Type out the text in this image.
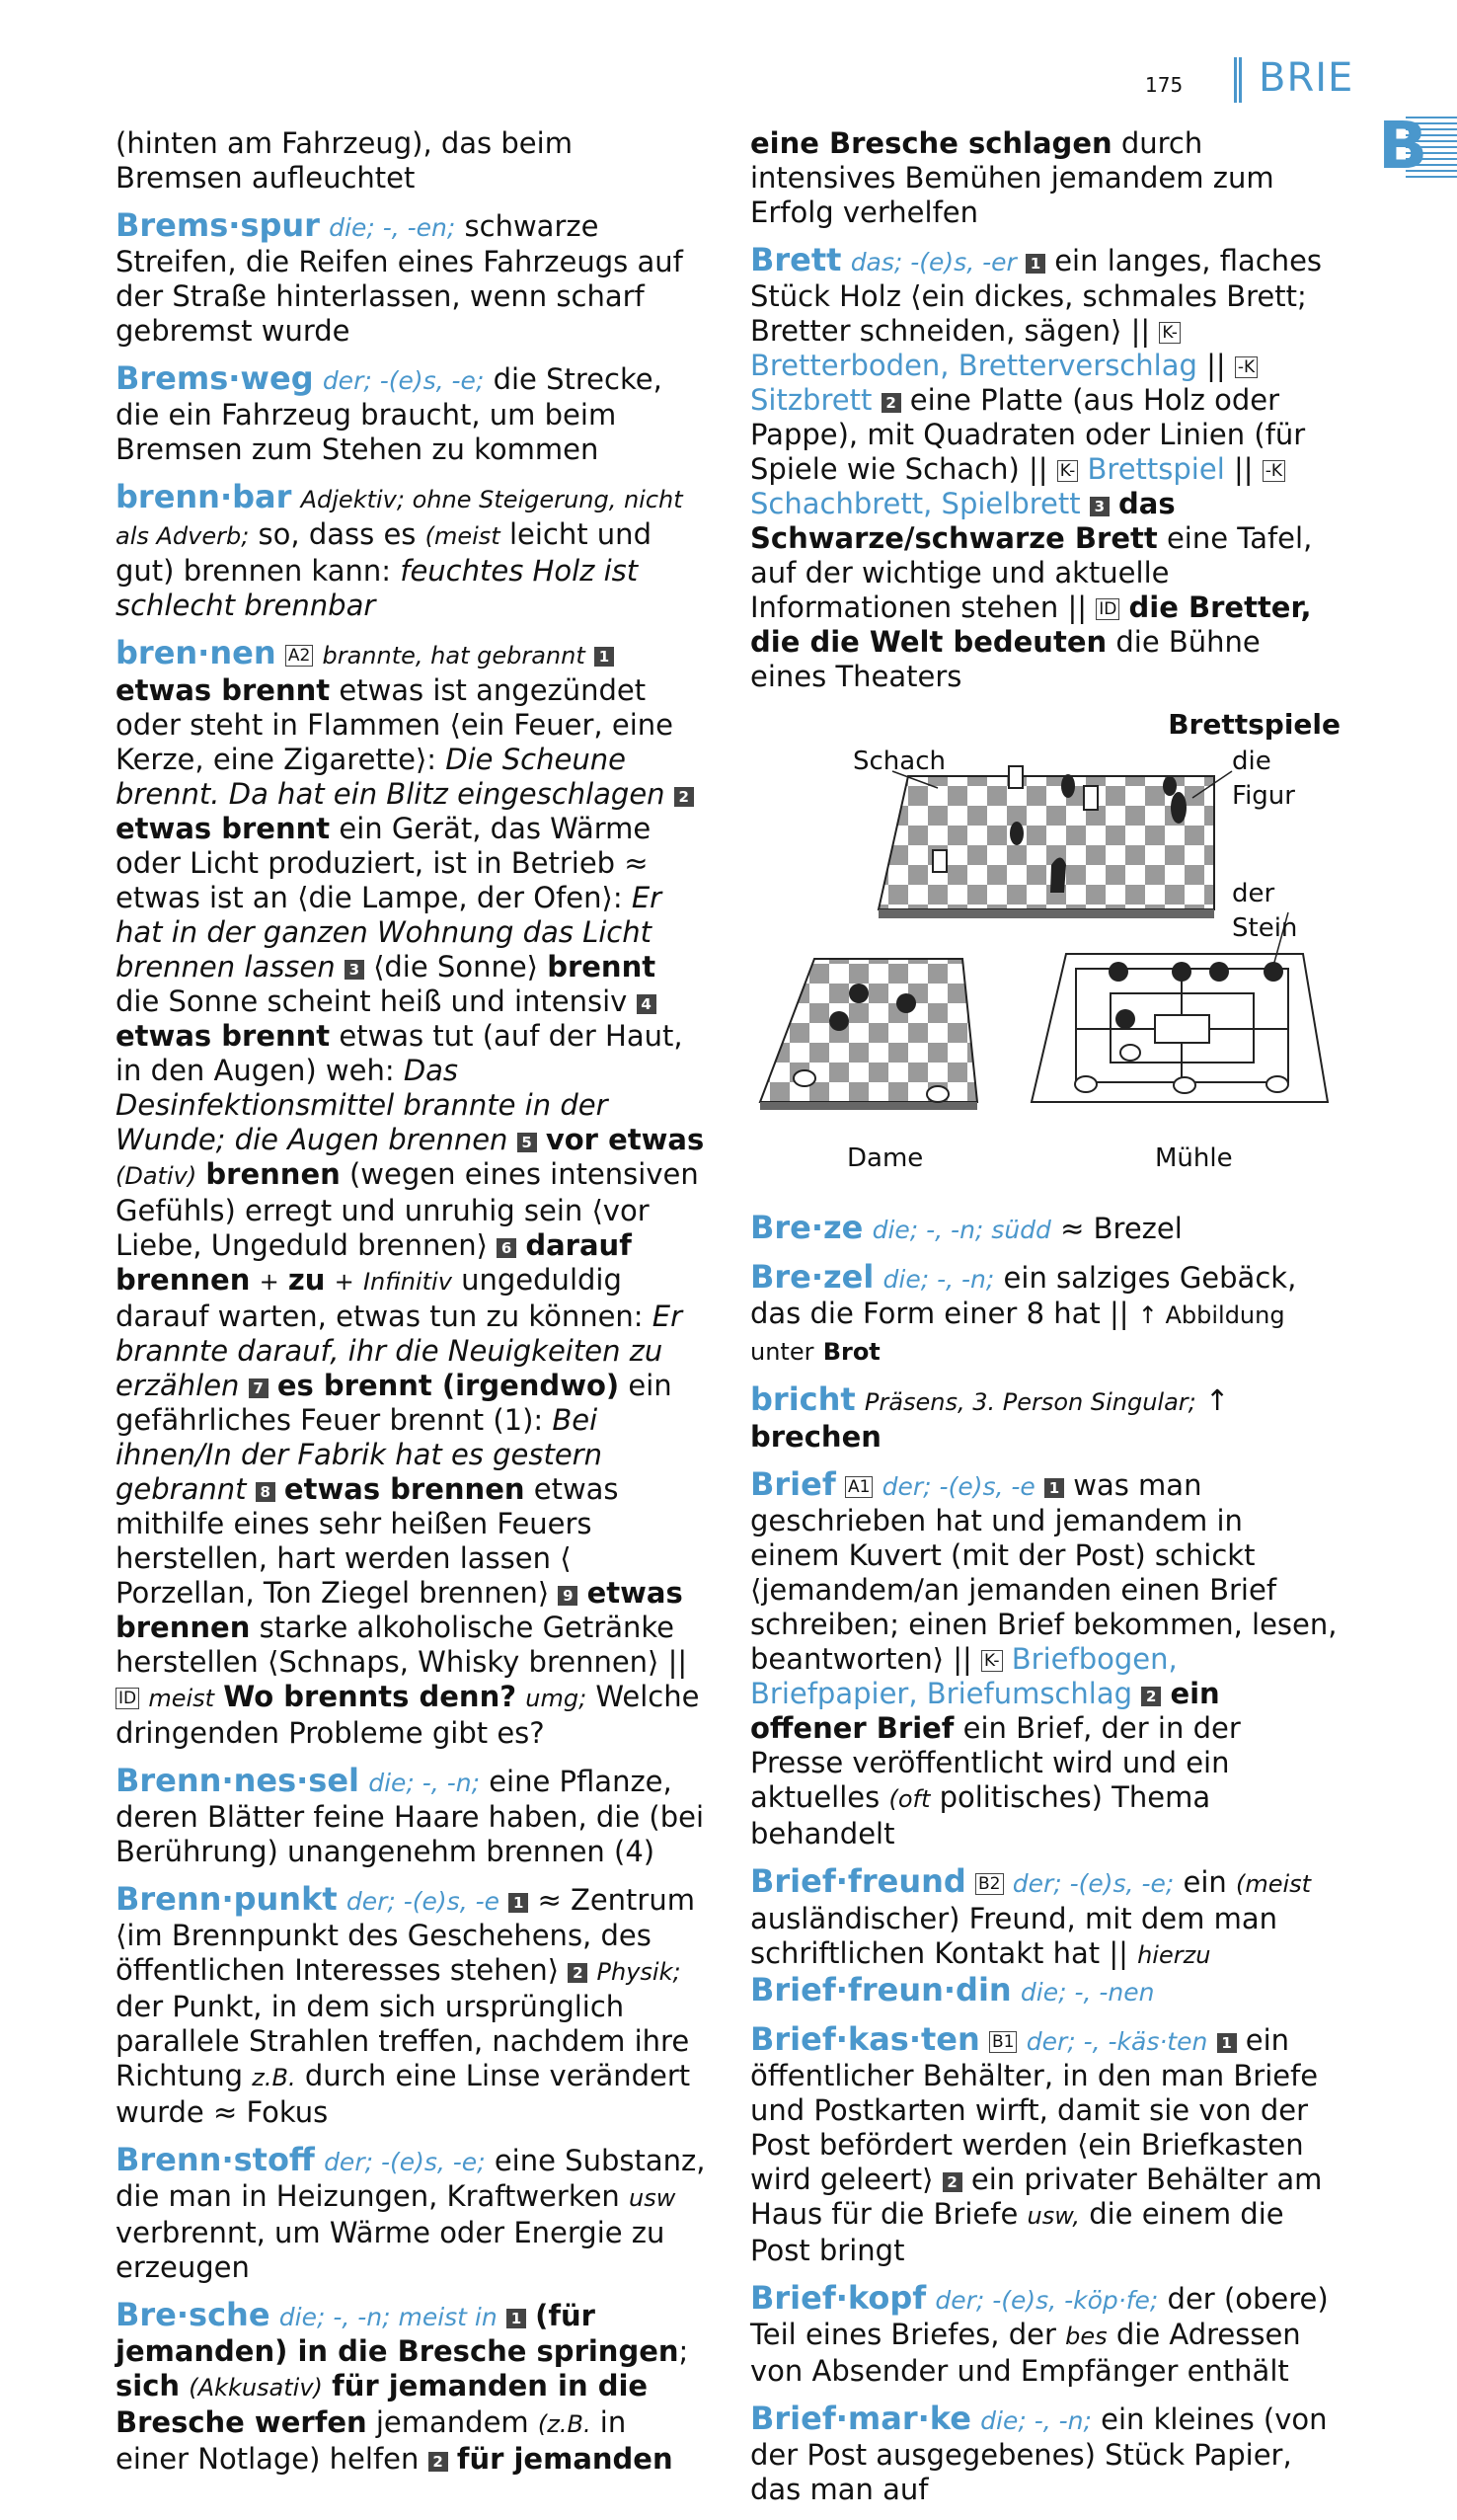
175 BRIE
B
(hinten am Fahrzeug), das beim Bremsen aufleuchtet
Brems·spur die; -, -en; schwarze Streifen, die Reifen eines Fahrzeugs auf der Straße hinterlassen, wenn scharf gebremst wurde
Brems·weg der; -(e)s, -e; die Strecke, die ein Fahrzeug braucht, um beim Bremsen zum Stehen zu kommen
brenn·bar Adjektiv; ohne Steigerung, nicht als Adverb; so, dass es (meist leicht und gut) brennen kann: feuchtes Holz ist schlecht brennbar
bren·nen A2 brannte, hat gebrannt 1 etwas brennt etwas ist angezündet oder steht in Flammen ⟨ein Feuer, eine Kerze, eine Zigarette⟩: Die Scheune brennt. Da hat ein Blitz eingeschlagen 2 etwas brennt ein Gerät, das Wärme oder Licht produziert, ist in Betrieb ≈ etwas ist an ⟨die Lampe, der Ofen⟩: Er hat in der ganzen Wohnung das Licht brennen lassen 3 ⟨die Sonne⟩ brennt die Sonne scheint heiß und intensiv 4 etwas brennt etwas tut (auf der Haut, in den Augen) weh: Das Desinfektionsmittel brannte in der Wunde; die Augen brennen 5 vor etwas (Dativ) brennen (wegen eines intensiven Gefühls) erregt und unruhig sein ⟨vor Liebe, Ungeduld brennen⟩ 6 darauf brennen + zu + Infinitiv ungeduldig darauf warten, etwas tun zu können: Er brannte darauf, ihr die Neuigkeiten zu erzählen 7 es brennt (irgendwo) ein gefährliches Feuer brennt (1): Bei ihnen/In der Fabrik hat es gestern gebrannt 8 etwas brennen etwas mithilfe eines sehr heißen Feuers herstellen, hart werden lassen ⟨ Porzellan, Ton Ziegel brennen⟩ 9 etwas brennen starke alkoholische Getränke herstellen ⟨Schnaps, Whisky brennen⟩ || ID meist Wo brennts denn? umg; Welche dringenden Probleme gibt es?
Brenn·nes·sel die; -, -n; eine Pflanze, deren Blätter feine Haare haben, die (bei Berührung) unangenehm brennen (4)
Brenn·punkt der; -(e)s, -e 1 ≈ Zentrum ⟨im Brennpunkt des Geschehens, des öffentlichen Interesses stehen⟩ 2 Physik; der Punkt, in dem sich ursprünglich parallele Strahlen treffen, nachdem ihre Richtung z.B. durch eine Linse verändert wurde ≈ Fokus
Brenn·stoff der; -(e)s, -e; eine Substanz, die man in Heizungen, Kraftwerken usw verbrennt, um Wärme oder Energie zu erzeugen
Bre·sche die; -, -n; meist in 1 (für jemanden) in die Bresche springen; sich (Akkusativ) für jemanden in die Bresche werfen jemandem (z.B. in einer Notlage) helfen 2 für jemanden
eine Bresche schlagen durch intensives Bemühen jemandem zum Erfolg verhelfen
Brett das; -(e)s, -er 1 ein langes, flaches Stück Holz ⟨ein dickes, schmales Brett; Bretter schneiden, sägen⟩ || K- Bretterboden, Bretterverschlag || -K Sitzbrett 2 eine Platte (aus Holz oder Pappe), mit Quadraten oder Linien (für Spiele wie Schach) || K- Brettspiel || -K Schachbrett, Spielbrett 3 das Schwarze/schwarze Brett eine Tafel, auf der wichtige und aktuelle Informationen stehen || ID die Bretter, die die Welt bedeuten die Bühne eines Theaters
Brettspiele
Schach	die Figur
der Stein
Dame	Mühle
Bre·ze die; -, -n; südd ≈ Brezel
Bre·zel die; -, -n; ein salziges Gebäck, das die Form einer 8 hat || ↑ Abbildung unter Brot
bricht Präsens, 3. Person Singular; ↑ brechen
Brief A1 der; -(e)s, -e 1 was man geschrieben hat und jemandem in einem Kuvert (mit der Post) schickt ⟨jemandem/an jemanden einen Brief schreiben; einen Brief bekommen, lesen, beantworten⟩ || K- Briefbogen, Briefpapier, Briefumschlag 2 ein offener Brief ein Brief, der in der Presse veröffentlicht wird und ein aktuelles (oft politisches) Thema behandelt
Brief·freund B2 der; -(e)s, -e; ein (meist ausländischer) Freund, mit dem man schriftlichen Kontakt hat || hierzu Brief·freun·din die; -, -nen
Brief·kas·ten B1 der; -, -käs·ten 1 ein öffentlicher Behälter, in den man Briefe und Postkarten wirft, damit sie von der Post befördert werden ⟨ein Briefkasten wird geleert⟩ 2 ein privater Behälter am Haus für die Briefe usw, die einem die Post bringt
Brief·kopf der; -(e)s, -köp·fe; der (obere) Teil eines Briefes, der bes die Adressen von Absender und Empfänger enthält
Brief·mar·ke die; -, -n; ein kleines (von der Post ausgegebenes) Stück Papier, das man auf
